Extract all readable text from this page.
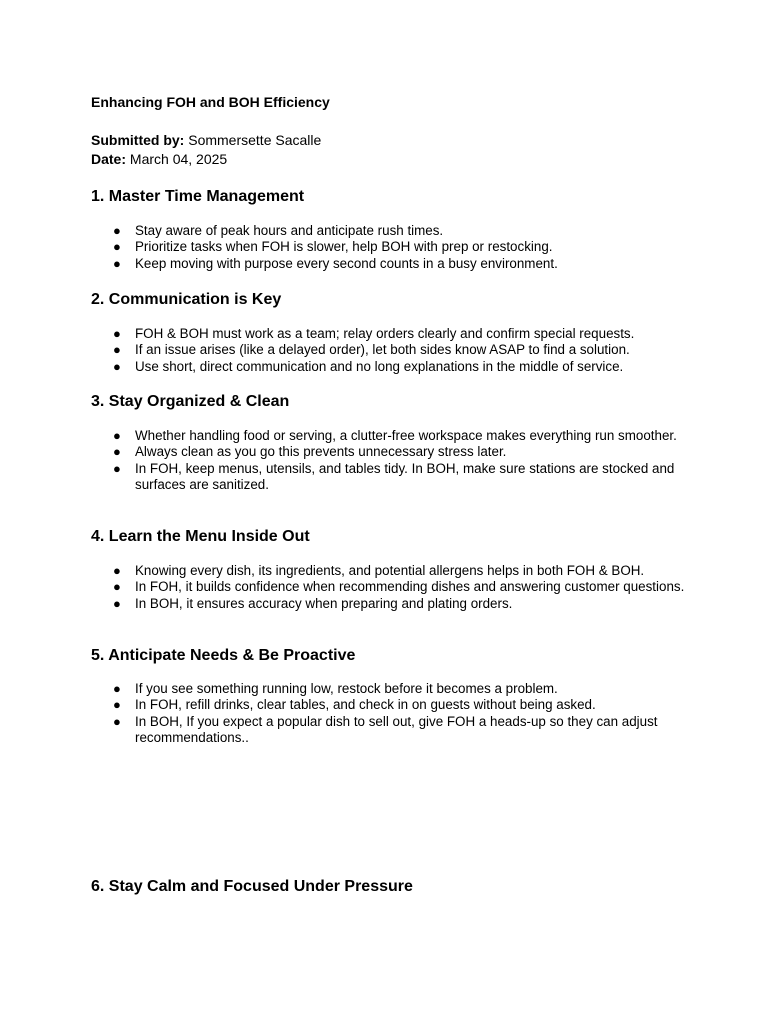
Enhancing FOH and BOH Efficiency
Submitted by: Sommersette Sacalle
Date: March 04, 2025
1. Master Time Management
● Stay aware of peak hours and anticipate rush times.
● Prioritize tasks when FOH is slower, help BOH with prep or restocking.
● Keep moving with purpose every second counts in a busy environment.
2. Communication is Key
● FOH & BOH must work as a team; relay orders clearly and confirm special requests.
● If an issue arises (like a delayed order), let both sides know ASAP to find a solution.
● Use short, direct communication and no long explanations in the middle of service.
3. Stay Organized & Clean
● Whether handling food or serving, a clutter-free workspace makes everything run smoother.
● Always clean as you go this prevents unnecessary stress later.
● In FOH, keep menus, utensils, and tables tidy. In BOH, make sure stations are stocked and surfaces are sanitized.
4. Learn the Menu Inside Out
● Knowing every dish, its ingredients, and potential allergens helps in both FOH & BOH.
● In FOH, it builds confidence when recommending dishes and answering customer questions.
● In BOH, it ensures accuracy when preparing and plating orders.
5. Anticipate Needs & Be Proactive
● If you see something running low, restock before it becomes a problem.
● In FOH, refill drinks, clear tables, and check in on guests without being asked.
● In BOH, If you expect a popular dish to sell out, give FOH a heads-up so they can adjust recommendations..
6. Stay Calm and Focused Under Pressure
